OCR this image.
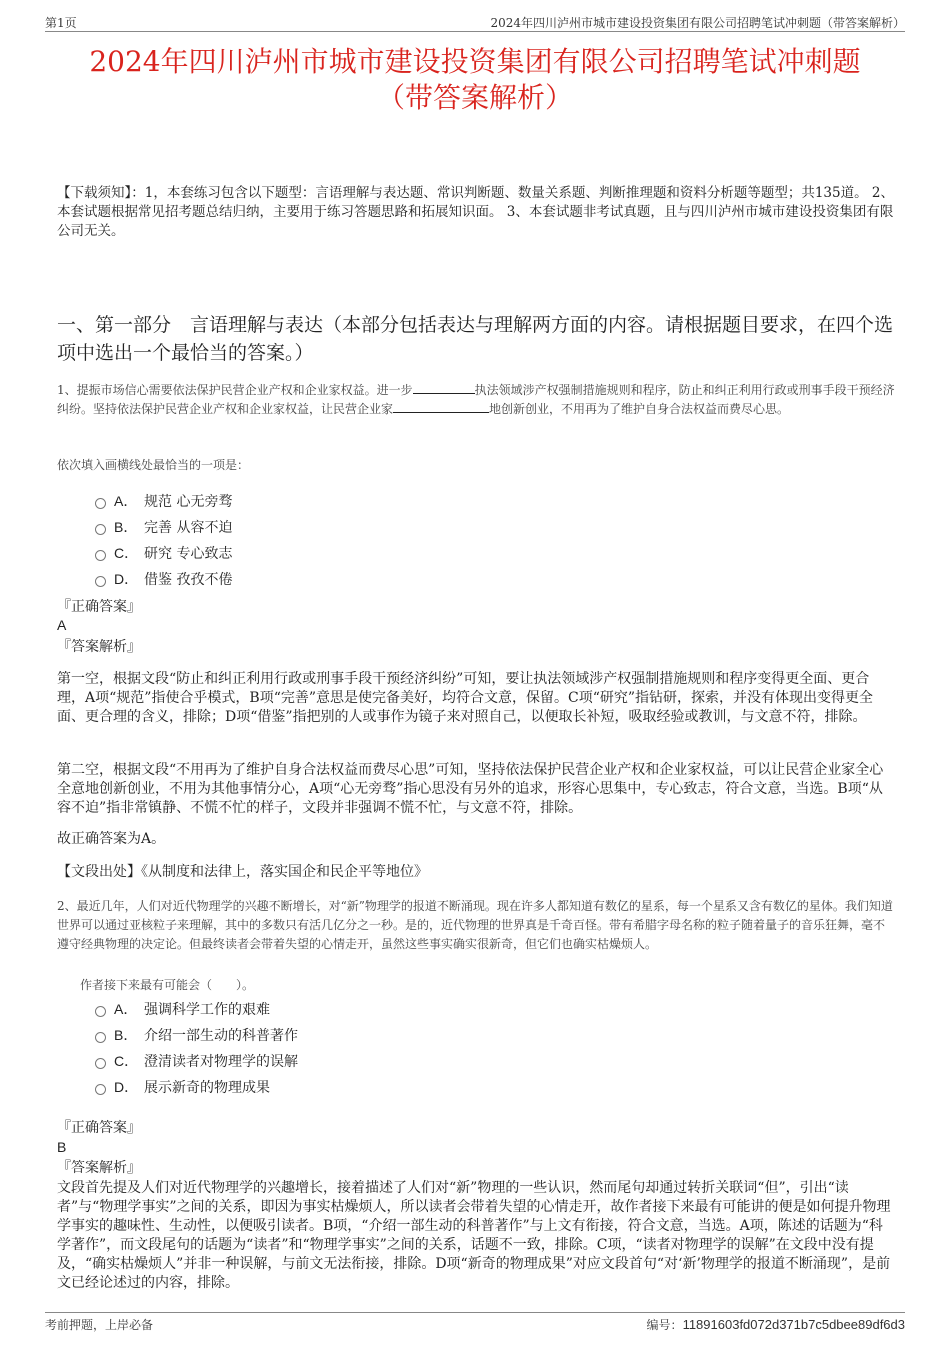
第1页	2024年四川泸州市城市建设投资集团有限公司招聘笔试冲刺题（带答案解析）
2024年四川泸州市城市建设投资集团有限公司招聘笔试冲刺题
（带答案解析）
【下载须知】：1，本套练习包含以下题型：言语理解与表达题、常识判断题、数量关系题、判断推理题和资料分析题等题型；共135道。 2、本套试题根据常见招考题总结归纳，主要用于练习答题思路和拓展知识面。 3、本套试题非考试真题，且与四川泸州市城市建设投资集团有限公司无关。
一、第一部分　言语理解与表达（本部分包括表达与理解两方面的内容。请根据题目要求，在四个选项中选出一个最恰当的答案。）
1、提振市场信心需要依法保护民营企业产权和企业家权益。进一步	执法领域涉产权强制措施规则和程序，防止和纠正利用行政或刑事手段干预经济纠纷。坚持依法保护民营企业产权和企业家权益，让民营企业家	地创新创业，不用再为了维护自身合法权益而费尽心思。
依次填入画横线处最恰当的一项是：
A． 规范 心无旁骛
B． 完善 从容不迫
C． 研究 专心致志
D． 借鉴 孜孜不倦
『正确答案』
A
『答案解析』
第一空，根据文段“防止和纠正利用行政或刑事手段干预经济纠纷”可知，要让执法领域涉产权强制措施规则和程序变得更全面、更合理，A项“规范”指使合乎模式，B项“完善”意思是使完备美好，均符合文意，保留。C项“研究”指钻研，探索，并没有体现出变得更全面、更合理的含义，排除；D项“借鉴”指把别的人或事作为镜子来对照自己，以便取长补短，吸取经验或教训，与文意不符，排除。
第二空，根据文段“不用再为了维护自身合法权益而费尽心思”可知，坚持依法保护民营企业产权和企业家权益，可以让民营企业家全心全意地创新创业，不用为其他事情分心，A项“心无旁骛”指心思没有另外的追求，形容心思集中，专心致志，符合文意，当选。B项“从容不迫”指非常镇静、不慌不忙的样子，文段并非强调不慌不忙，与文意不符，排除。
故正确答案为A。
【文段出处】《从制度和法律上，落实国企和民企平等地位》
2、最近几年，人们对近代物理学的兴趣不断增长，对“新”物理学的报道不断涌现。现在许多人都知道有数亿的星系，每一个星系又含有数亿的星体。我们知道世界可以通过亚核粒子来理解，其中的多数只有活几亿分之一秒。是的，近代物理的世界真是千奇百怪。带有希腊字母名称的粒子随着量子的音乐狂舞，毫不遵守经典物理的决定论。但最终读者会带着失望的心情走开，虽然这些事实确实很新奇，但它们也确实枯燥烦人。
作者接下来最有可能会（　　）。
A． 强调科学工作的艰难
B． 介绍一部生动的科普著作
C． 澄清读者对物理学的误解
D． 展示新奇的物理成果
『正确答案』
B
『答案解析』
文段首先提及人们对近代物理学的兴趣增长，接着描述了人们对“新”物理的一些认识，然而尾句却通过转折关联词“但”，引出“读者”与“物理学事实”之间的关系，即因为事实枯燥烦人，所以读者会带着失望的心情走开，故作者接下来最有可能讲的便是如何提升物理学事实的趣味性、生动性，以便吸引读者。B项，“介绍一部生动的科普著作”与上文有衔接，符合文意，当选。A项，陈述的话题为“科学著作”，而文段尾句的话题为“读者”和“物理学事实”之间的关系，话题不一致，排除。C项，“读者对物理学的误解”在文段中没有提及，“确实枯燥烦人”并非一种误解，与前文无法衔接，排除。D项“新奇的物理成果”对应文段首句“对‘新’物理学的报道不断涌现”，是前文已经论述过的内容，排除。
考前押题，上岸必备	编号：11891603fd072d371b7c5dbee89df6d3
